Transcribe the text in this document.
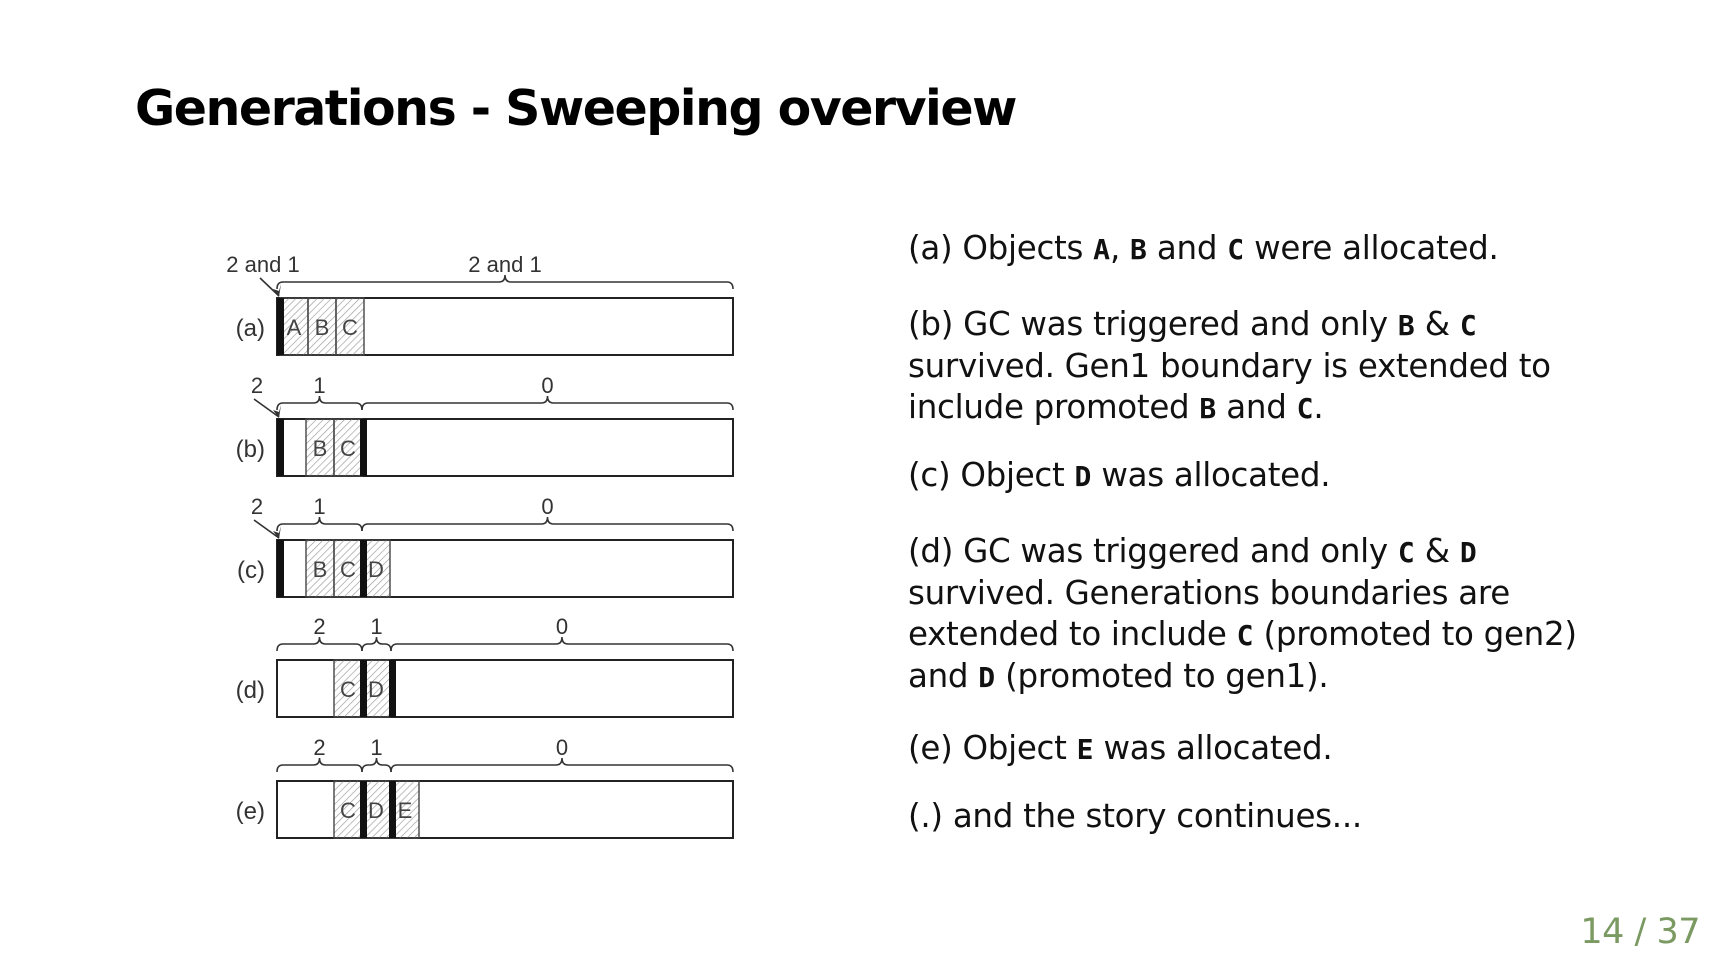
Generations - Sweeping overview
(a) A B C
2 and 1
2 and 1
(b) B C
1	0
2
(c) B C D
1	0
2
(d)	C D
2 1	0
(e)	C D E
2 1	0

(a) Objects A, B and C were allocated.

(b) GC was triggered and only B & C survived. Gen1 boundary is extended to include promoted B and C.

(c) Object D was allocated.

(d) GC was triggered and only C & D survived. Generations boundaries are extended to include C (promoted to gen2) and D (promoted to gen1).

(e) Object E was allocated.

(.) and the story continues...

14 / 37
